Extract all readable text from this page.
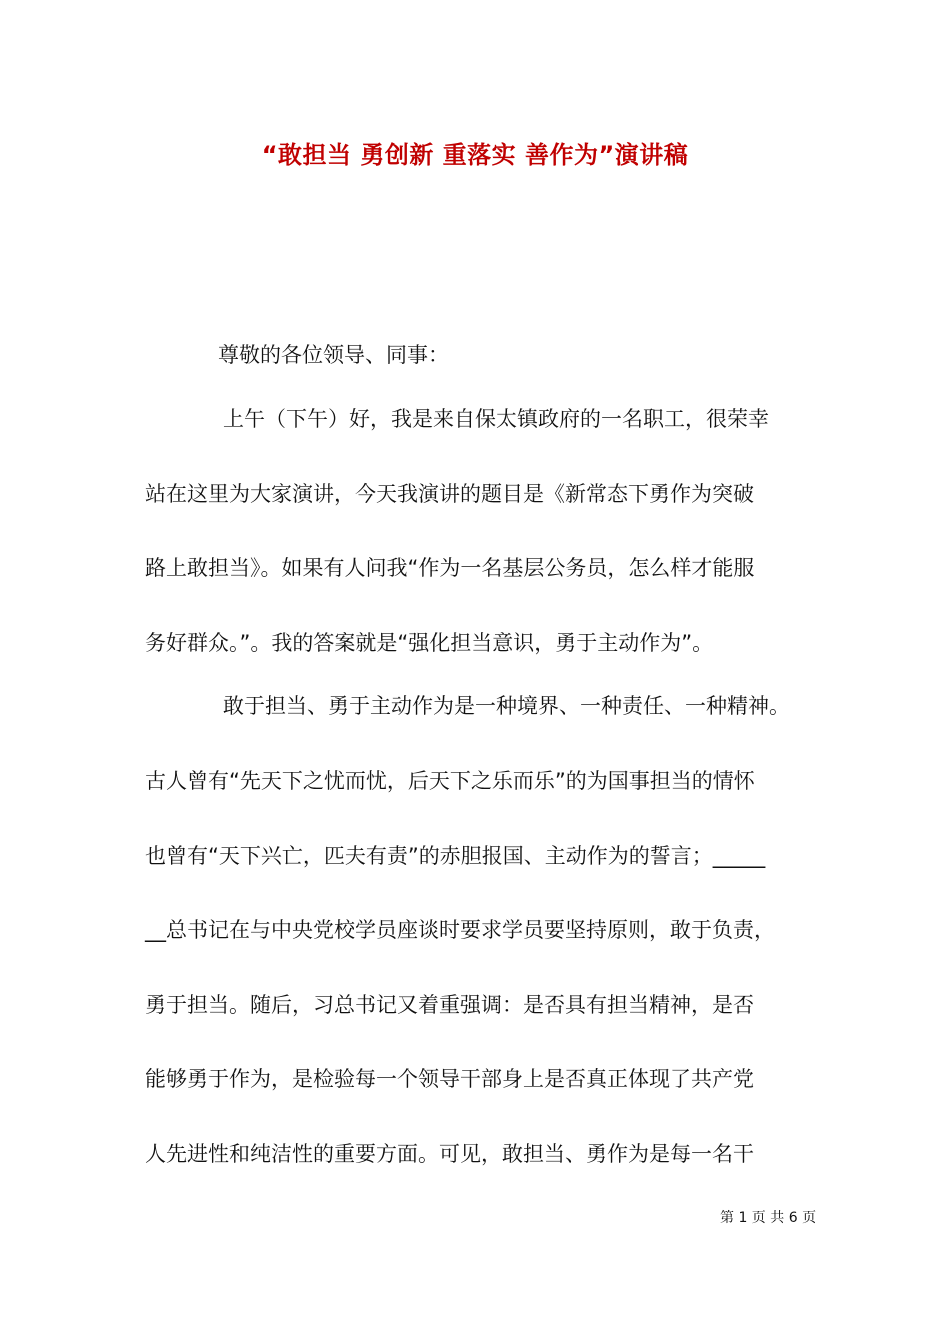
“敢担当 勇创新 重落实 善作为”演讲稿
尊敬的各位领导、同事：
上午（下午）好，我是来自保太镇政府的一名职工，很荣幸
站在这里为大家演讲，今天我演讲的题目是《新常态下勇作为突破
路上敢担当》。如果有人问我“作为一名基层公务员，怎么样才能服
务好群众。”。我的答案就是“强化担当意识，勇于主动作为”。
敢于担当、勇于主动作为是一种境界、一种责任、一种精神。
古人曾有“先天下之忧而忧，后天下之乐而乐”的为国事担当的情怀
也曾有“天下兴亡，匹夫有责”的赤胆报国、主动作为的誓言；_____
__总书记在与中央党校学员座谈时要求学员要坚持原则，敢于负责，
勇于担当。随后，习总书记又着重强调：是否具有担当精神，是否
能够勇于作为，是检验每一个领导干部身上是否真正体现了共产党
人先进性和纯洁性的重要方面。可见，敢担当、勇作为是每一名干
第 1 页 共 6 页
